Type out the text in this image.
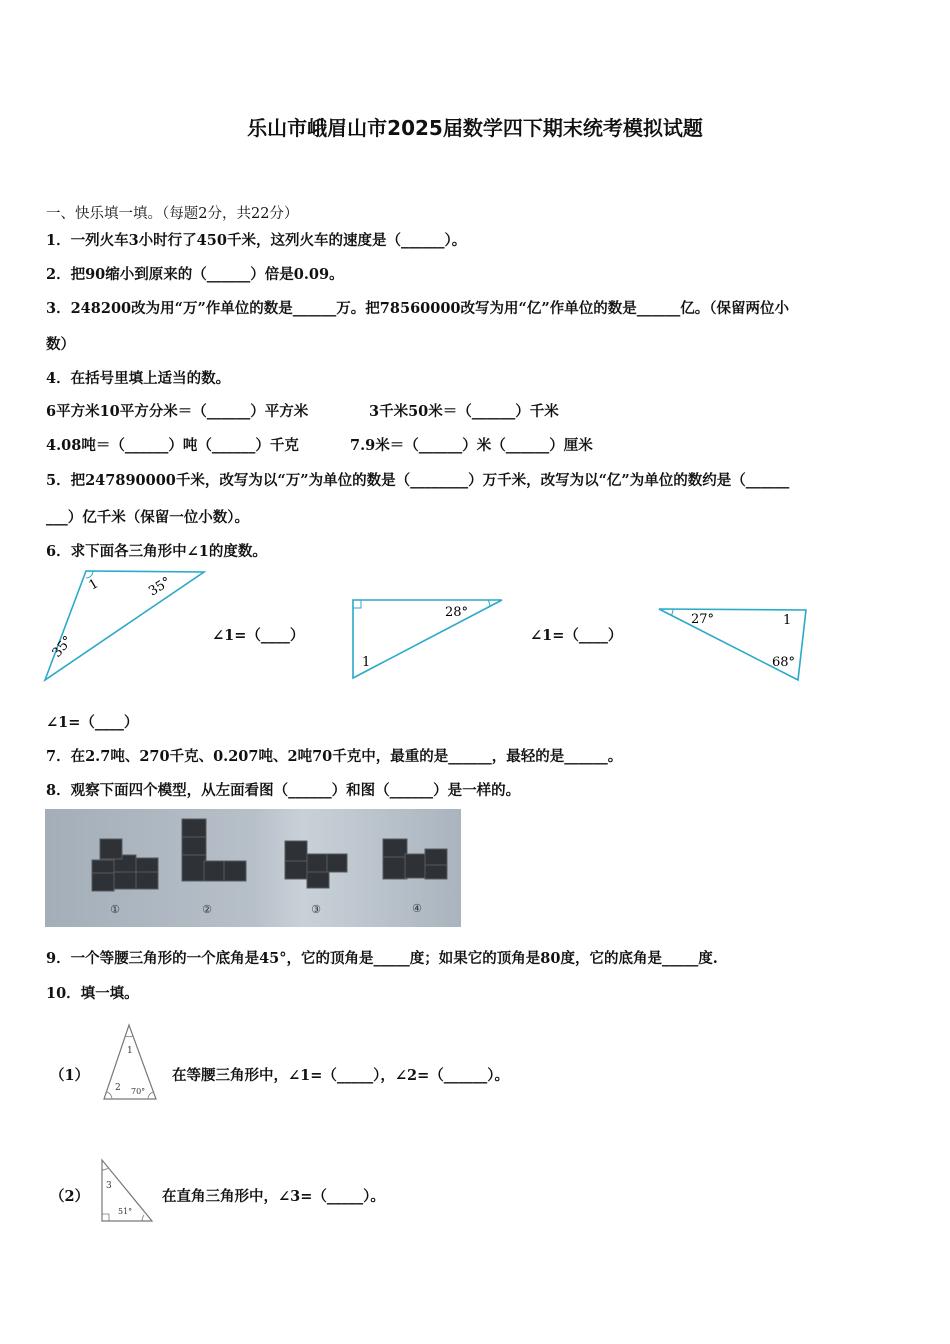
乐山市峨眉山市2025届数学四下期末统考模拟试题
一、快乐填一填。（每题2分，共22分）
1．一列火车3小时行了450千米，这列火车的速度是（______）。
2．把90缩小到原来的（______）倍是0.09。
3．248200改为用“万”作单位的数是______万。把78560000改写为用“亿”作单位的数是______亿。（保留两位小
数）
4．在括号里填上适当的数。
6平方米10平方分米＝（______）平方米	3千米50米＝（______）千米
4.08吨＝（______）吨（______）千克	7.9米＝（______）米（______）厘米
5．把247890000千米，改写为以“万”为单位的数是（________）万千米，改写为以“亿”为单位的数约是（______
___）亿千米（保留一位小数）。
6．求下面各三角形中∠1的度数。
1	35°
35°	∠1=（____）
28°
1
∠1=（____）
27°	1
68°
∠1=（____）
7．在2.7吨、270千克、0.207吨、2吨70千克中，最重的是______，最轻的是______。
8．观察下面四个模型，从左面看图（______）和图（______）是一样的。
①	②	③	④
9．一个等腰三角形的一个底角是45°，它的顶角是_____度；如果它的顶角是80度，它的底角是_____度.
10．填一填。
（1）
1
2 70°
在等腰三角形中，∠1=（_____），∠2=（______）。
（2）
3
51°
在直角三角形中，∠3=（_____）。
